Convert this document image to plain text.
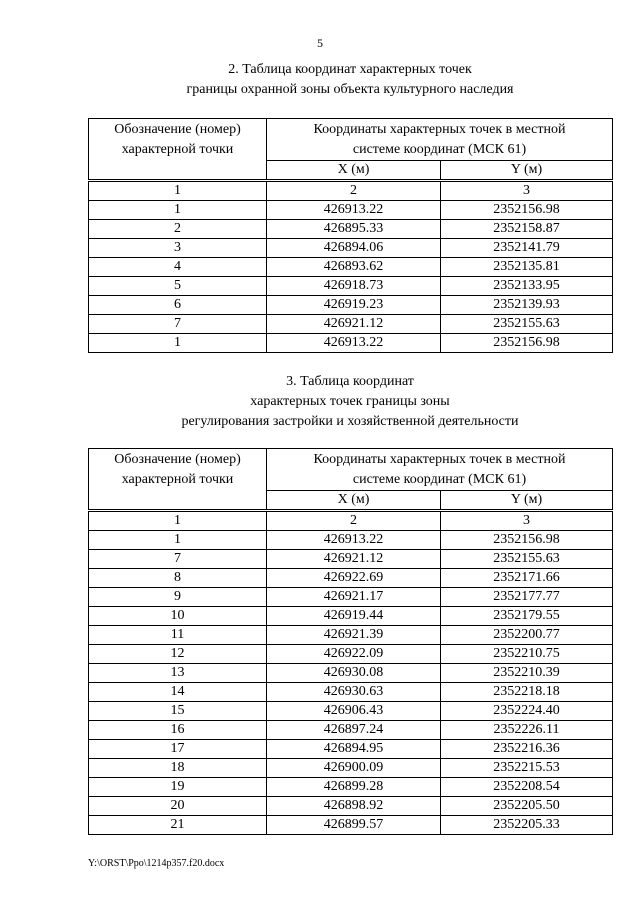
5
2. Таблица координат характерных точек
границы охранной зоны объекта культурного наследия
Обозначение (номер) характерной точки	Координаты характерных точек в местной системе координат (МСК 61)	

	X (м)	Y (м)
1	2	3
1	426913.22	2352156.98
2	426895.33	2352158.87
3	426894.06	2352141.79
4	426893.62	2352135.81
5	426918.73	2352133.95
6	426919.23	2352139.93
7	426921.12	2352155.63
1	426913.22	2352156.98
3. Таблица координат
характерных точек границы зоны
регулирования застройки и хозяйственной деятельности
Обозначение (номер) характерной точки	Координаты характерных точек в местной системе координат (МСК 61)	

	X (м)	Y (м)
1	2	3
1	426913.22	2352156.98
7	426921.12	2352155.63
8	426922.69	2352171.66
9	426921.17	2352177.77
10	426919.44	2352179.55
11	426921.39	2352200.77
12	426922.09	2352210.75
13	426930.08	2352210.39
14	426930.63	2352218.18
15	426906.43	2352224.40
16	426897.24	2352226.11
17	426894.95	2352216.36
18	426900.09	2352215.53
19	426899.28	2352208.54
20	426898.92	2352205.50
21	426899.57	2352205.33
Y:\ORST\Ppo\1214p357.f20.docx
